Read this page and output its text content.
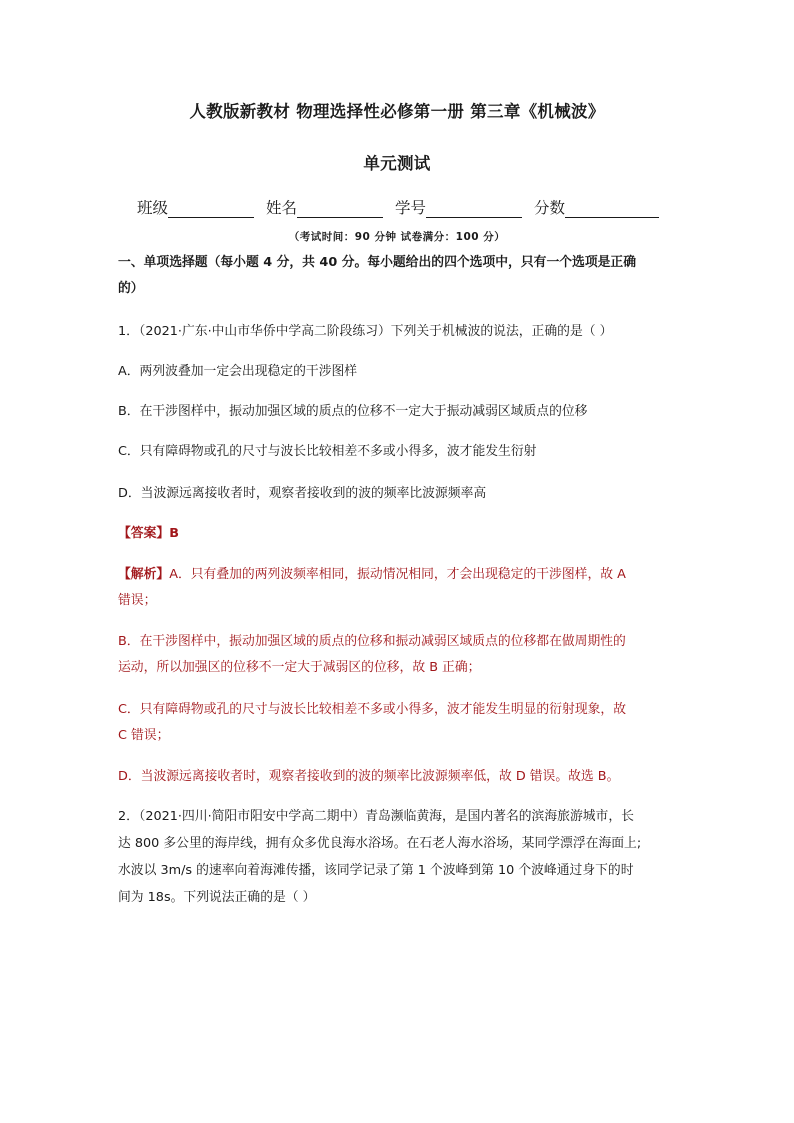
人教版新教材 物理选择性必修第一册 第三章《机械波》
单元测试
班级	姓名	学号	分数
（考试时间：90 分钟 试卷满分：100 分）
一、单项选择题（每小题 4 分，共 40 分。每小题给出的四个选项中，只有一个选项是正确
的）
1．（2021·广东·中山市华侨中学高二阶段练习）下列关于机械波的说法，正确的是（ ）
A．两列波叠加一定会出现稳定的干涉图样
B．在干涉图样中，振动加强区域的质点的位移不一定大于振动减弱区域质点的位移
C．只有障碍物或孔的尺寸与波长比较相差不多或小得多，波才能发生衍射
D．当波源远离接收者时，观察者接收到的波的频率比波源频率高
【答案】B
【解析】A．只有叠加的两列波频率相同，振动情况相同，才会出现稳定的干涉图样，故 A
错误；
B．在干涉图样中，振动加强区域的质点的位移和振动减弱区域质点的位移都在做周期性的
运动，所以加强区的位移不一定大于减弱区的位移，故 B 正确；
C．只有障碍物或孔的尺寸与波长比较相差不多或小得多，波才能发生明显的衍射现象，故
C 错误；
D．当波源远离接收者时，观察者接收到的波的频率比波源频率低，故 D 错误。故选 B。
2．（2021·四川·简阳市阳安中学高二期中）青岛濒临黄海，是国内著名的滨海旅游城市，长
达 800 多公里的海岸线，拥有众多优良海水浴场。在石老人海水浴场，某同学漂浮在海面上;
水波以 3m/s 的速率向着海滩传播，该同学记录了第 1 个波峰到第 10 个波峰通过身下的时
间为 18s。下列说法正确的是（ ）
